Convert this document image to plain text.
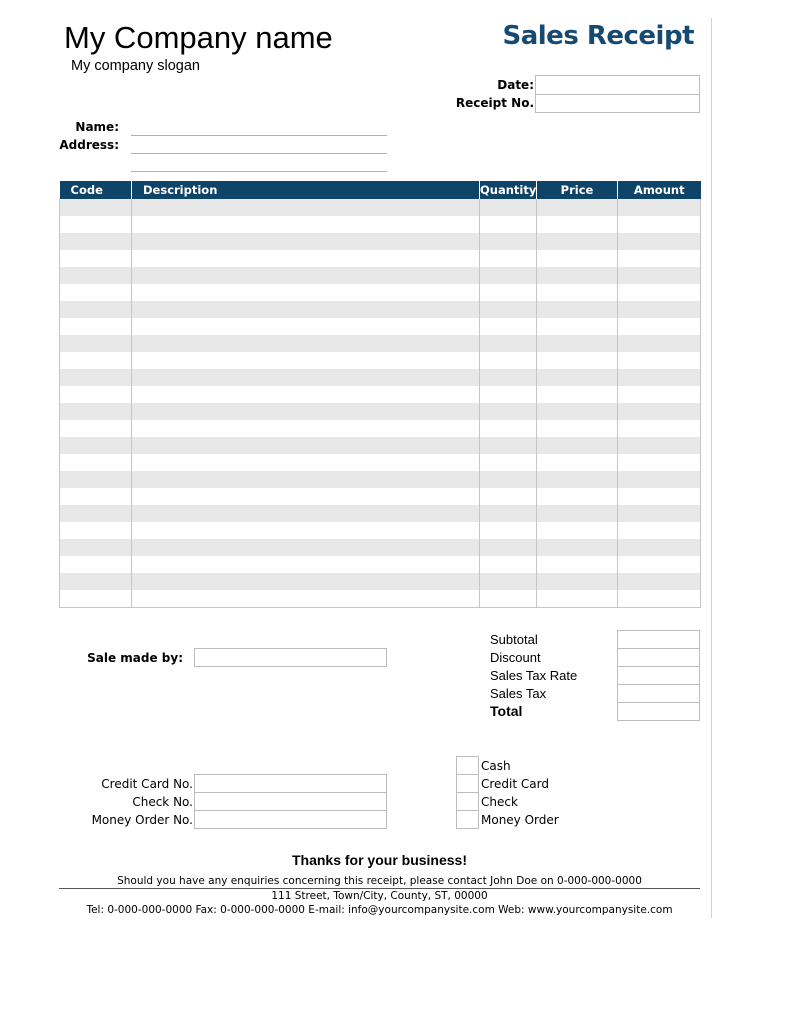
My Company name
My company slogan
Sales Receipt
Date:
Receipt No.
Name:
Address:
Code	Description	Quantity	Price	Amount

Subtotal
Discount
Sales Tax Rate
Sales Tax
Total
Sale made by:
Credit Card No.
Check No.
Money Order No.
Cash
Credit Card
Check
Money Order
Thanks for your business!
Should you have any enquiries concerning this receipt, please contact John Doe on 0-000-000-0000
111 Street, Town/City, County, ST, 00000
Tel: 0-000-000-0000 Fax: 0-000-000-0000 E-mail: info@yourcompanysite.com Web: www.yourcompanysite.com
